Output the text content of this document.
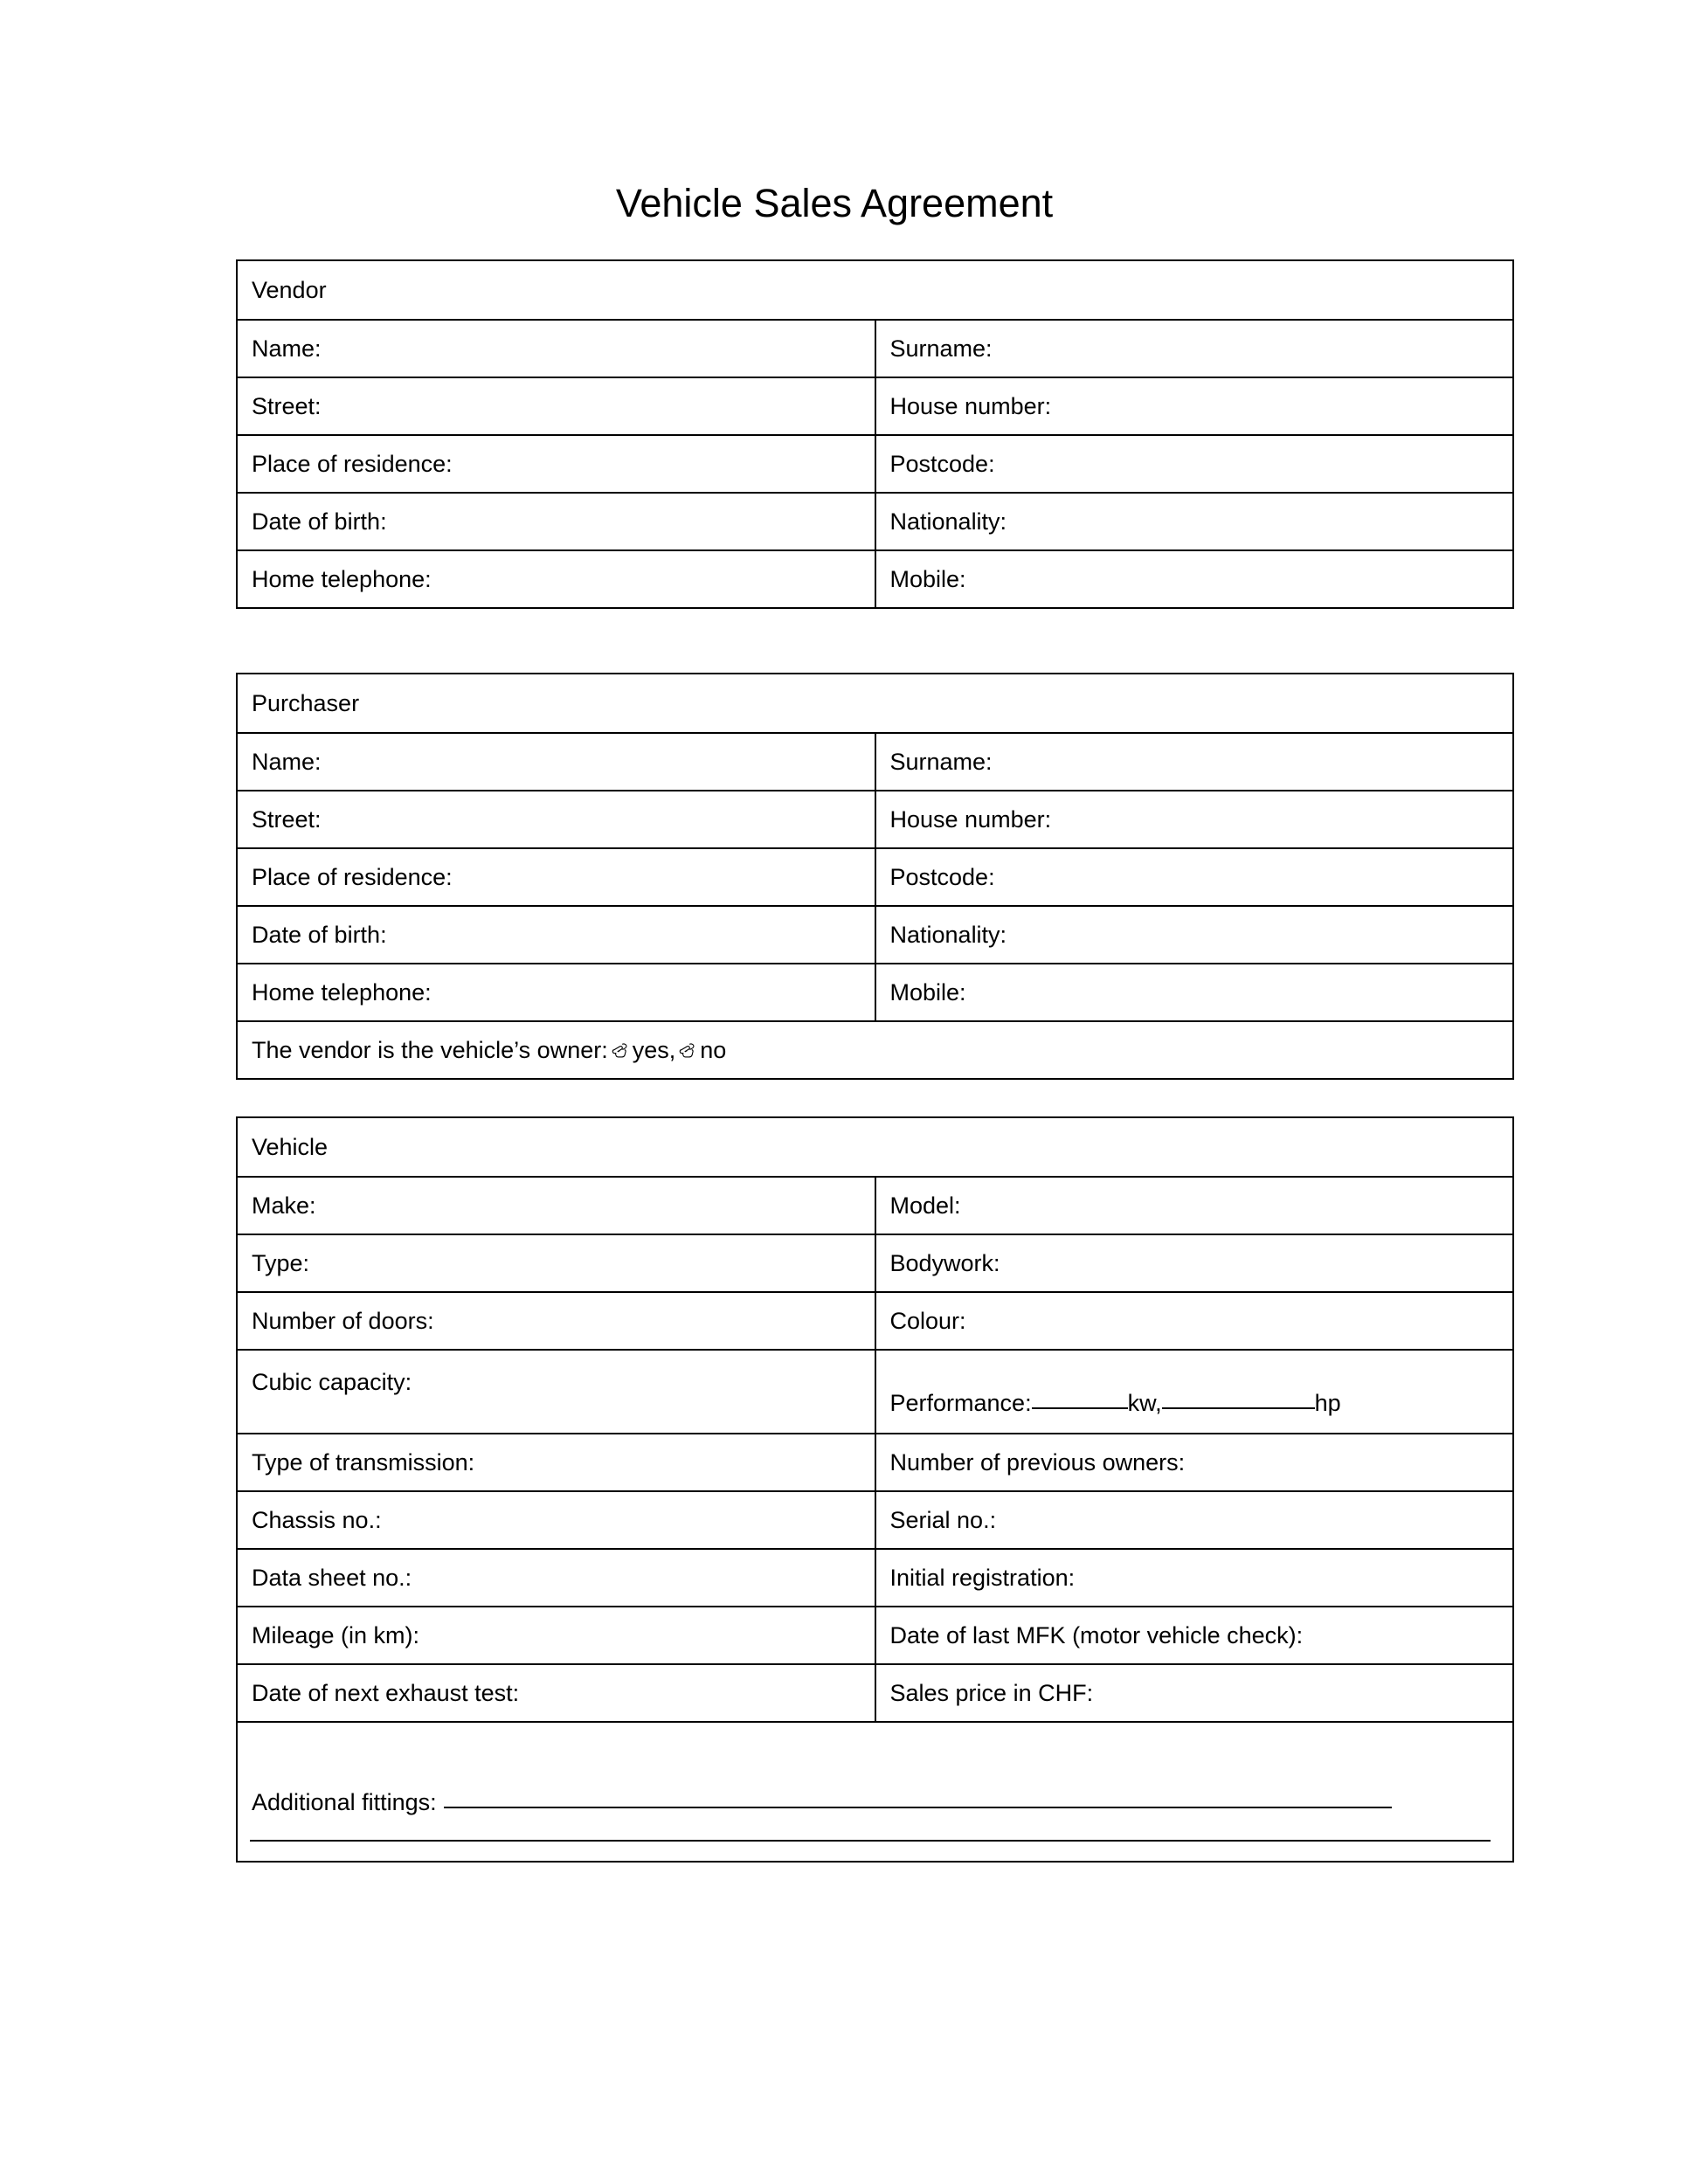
Vehicle Sales Agreement
Vendor	
Name:	Surname:
Street:	House number:
Place of residence:	Postcode:
Date of birth:	Nationality:
Home telephone:	Mobile:
Purchaser	
Name:	Surname:
Street:	House number:
Place of residence:	Postcode:
Date of birth:	Nationality:
Home telephone:	Mobile:
The vendor is the vehicle’s owner: yes, no	
Vehicle	
Make:	Model:
Type:	Bodywork:
Number of doors:	Colour:
Cubic capacity:	Performance: kw, hp
Type of transmission:	Number of previous owners:
Chassis no.:	Serial no.:
Data sheet no.:	Initial registration:
Mileage (in km):	Date of last MFK (motor vehicle check):
Date of next exhaust test:	Sales price in CHF:
Additional fittings:	
